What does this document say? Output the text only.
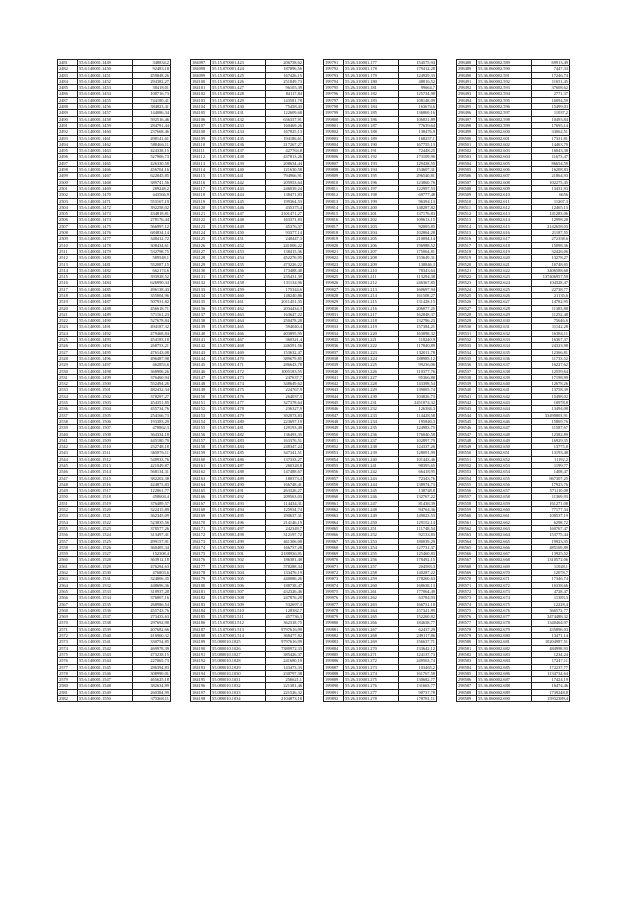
2481	55.6.140001.1449	348834,2
2482	55.6.140001.1450	92483,18
2483	55.6.140001.1451	459848,26
2484	55.6.140001.1452	294382,27
2485	55.6.140001.1453	38418,01
2486	55.6.140001.1454	108716,73
2487	55.6.140001.1455	744180,41
2488	55.6.140001.1456	384823,41
2489	55.6.140001.1457	144886,34
2490	55.6.140001.1458	592516,46
2491	55.6.140001.1459	284791,44
2492	55.6.140001.1460	237668,46
2493	55.6.140001.1461	498141,61
2494	55.6.140001.1462	588466,11
2495	55.6.140001.1463	424338,15
2496	55.6.140001.1464	527906,73
2497	55.6.140001.1465	426330,58
2498	55.6.140001.1466	456704,16
2499	55.6.140001.1467	622845,85
2500	55.6.140001.1468	389741,56
2501	55.6.140001.1469	289248,2
2502	55.6.140001.1470	443566,9
2503	55.6.140001.1471	553167,19
2504	55.6.140001.1472	392258,02
2505	55.6.140001.1473	434818,81
2506	55.6.140001.1474	278176,44
2507	55.6.140001.1475	566997,12
2508	55.6.140001.1476	684834,14
2509	55.6.140001.1477	348412,72
2510	55.6.140001.1478	308434,61
2511	55.6.140001.1479	532798,75
2512	55.6.140001.1480	589548,1
2513	55.6.140001.1481	552087,15
2514	55.6.140001.1482	662174,6
2515	55.6.140001.1483	393928,52
2516	55.6.140001.1484	626990,34
2517	55.6.140001.1485	496138,43
2518	55.6.140001.1486	355004,96
2519	55.6.140001.1487	507931,82
2520	55.6.140001.1488	456618,71
2521	55.6.140001.1489	571161,23
2522	55.6.140001.1490	527678,84
2523	55.6.140001.1491	494187,32
2524	55.6.140001.1492	479468,84
2525	55.6.140001.1493	454183,18
2526	55.6.140001.1494	268753,21
2527	55.6.140001.1495	476143,08
2528	55.6.140001.1496	496487,98
2529	55.6.140001.1497	462853,6
2530	55.6.140001.1498	368906,26
2531	55.6.140001.1499	376460,94
2532	55.6.140001.1500	552494,26
2533	55.6.140001.1501	482432,34
2534	55.6.140001.1502	378297,27
2535	55.6.140001.1503	454351,85
2536	55.6.140001.1504	455734,76
2537	55.6.140001.1505	254166,73
2538	55.6.140001.1506	193383,29
2539	55.6.140001.1507	478862,3
2540	55.6.140001.1508	364334,18
2541	55.6.140001.1509	445180,79
2542	55.6.140001.1510	252748,18
2543	55.6.140001.1511	365876,11
2544	55.6.140001.1512	548933,76
2545	55.6.140001.1513	421049,87
2546	55.6.140001.1514	568134,31
2547	55.6.140001.1515	382202,38
2548	55.6.140001.1516	424873,83
2549	55.6.140001.1517	122861,77
2550	55.6.140001.1518	458604,4
2551	55.6.140001.1519	376489,57
2552	55.6.140001.1520	322415,89
2553	55.6.140001.1521	362345,09
2554	55.6.140001.1522	523835,56
2555	55.6.140001.1523	378577,26
2556	55.6.140001.1524	313497,41
2557	55.6.140001.1525	499157,91
2558	55.6.140001.1526	360405,34
2559	55.6.140001.1527	152308,4
2560	55.6.140001.1528	363912,18
2561	55.6.140001.1529	476294,63
2562	55.6.140001.1530	476803,6
2563	55.6.140001.1531	324806,35
2564	55.6.140001.1532	448696,36
2565	55.6.140001.1533	318937,28
2566	55.6.140001.1534	376807,16
2567	55.6.140001.1535	268986,54
2568	55.6.140001.1536	455743,76
2569	55.6.140001.1537	273433,63
2570	55.6.140001.1538	297692,98
2571	55.6.140001.1539	407682,66
2572	55.6.140001.1540	416960,32
2573	55.6.140001.1541	330754,85
2574	55.6.140001.1542	469978,39
2575	55.6.140001.1543	473238,15
2576	55.6.140001.1544	227065,73
2577	55.6.140001.1545	286394,83
2578	55.6.140001.1546	308990,01
2579	55.6.140001.1547	465625,18
2580	55.6.140001.1548	382634,89
2581	55.6.140001.1549	260384,99
2582	55.6.140001.1550	375268,11
184097	55.15.070001.423	206758,62
184098	55.15.070001.424	187896,56
184099	55.15.070001.425	167426,15
184100	55.15.070001.426	251849,73
184101	55.15.070001.427	96105,39
184102	55.15.070001.428	84117,84
184103	55.15.070001.429	143581,78
184104	55.15.070001.430	75458,43
184105	55.15.070001.431	122609,68
184106	55.15.070001.432	636337,91
184107	55.15.070001.433	160469,26
184108	55.15.070001.434	167825,13
184109	55.15.070001.435	194186,61
184110	55.15.070001.436	217267,27
184111	55.15.070001.437	427763,8
184112	55.15.070001.438	437813,26
184113	55.15.070001.439	208634,44
184114	55.15.070001.440	121630,58
184115	55.15.070001.441	794966,91
184116	55.15.070001.442	205953,64
184117	55.15.070001.443	246039,24
184118	55.15.070001.444	138471,83
184119	55.15.070001.445	199364,53
184120	55.15.070001.446	435375,4
184121	55.15.070001.447	2101471,27
184122	55.15.070001.448	163371,83
184123	55.15.070001.449	45376,37
184124	55.15.070001.450	93377,14
184125	55.15.070001.451	240447,3
184126	55.15.070001.452	241006,22
184127	55.15.070001.453	138415,36
184128	55.15.070001.454	452276,95
184129	55.15.070001.455	473226,22
184130	55.15.070001.456	173488,48
184131	55.15.070001.457	235431,39
184132	55.15.070001.458	131134,96
184133	55.15.070001.459	175344,6
184134	55.15.070001.460	148240,86
184135	55.15.070001.461	2011451,35
184136	55.15.070001.462	2034434,3
184137	55.15.070001.463	163647,22
184138	55.15.070001.464	250478,28
184139	55.15.070001.465	594040,4
184140	55.15.070001.466	403895,95
184141	55.15.070001.467	360321,4
184142	55.15.070001.468	246591,56
184143	55.15.070001.469	153632,47
184144	55.15.070001.470	389679,85
184145	55.15.070001.471	286643,78
184146	55.15.070001.472	1005183,55
184147	55.15.070001.473	247637,7
184148	55.15.070001.474	348649,62
184149	55.15.070001.475	224767,9
184150	55.15.070001.476	264037,3
184151	55.15.070001.477	327378,64
184152	55.15.070001.478	236327,9
184153	55.15.070001.479	392073,83
184154	55.15.070001.480	223697,19
184155	55.15.070001.481	129193,49
184156	55.15.070001.482	136493,35
184157	55.15.070001.483	163376,51
184158	55.15.070001.484	248347,24
184159	55.15.070001.485	347341,51
184160	55.15.070001.486	137333,27
184161	55.15.070001.487	260328,8
184162	55.15.070001.488	147488,67
184163	55.15.070001.489	180373,4
184164	55.15.070001.490	166748,41
184165	55.15.070001.491	263326,27
184166	55.15.070001.492	209563,03
184167	55.15.070001.493	114434,31
184168	55.15.070001.494	125934,74
184169	55.15.070001.495	290637,31
184170	55.15.070001.496	214146,19
184171	55.15.070001.497	242349,7
184172	55.15.070001.498	312197,72
184173	55.15.070001.499	461306,08
184174	55.15.070001.500	166737,28
184175	55.15.070001.501	2188936,91
184176	55.15.070001.502	186381,48
184177	55.15.070001.503	578288,34
184178	55.15.070001.504	133476,19
184179	55.15.070001.505	440086,26
184180	55.15.070001.506	188738,47
184181	55.15.070001.507	432326,46
184182	55.15.070001.508	247876,29
184183	55.15.070001.509	532697,3
184184	55.15.070001.510	128382,7
184185	55.15.070001.511	457736,3
184186	55.15.070001.512	362318,75
184187	55.15.070001.513	9797616,99
184188	55.15.070001.514	368477,82
184189	55.080010.1025	9797616,99
184190	55.080010.1026	7380972,33
184191	55.080010.1027	385426,37
184192	55.080010.1028	241680,19
184193	55.080010.1029	143473,33
184194	55.080010.1030	230797,38
184195	55.080010.1031	256621,1
184196	55.080010.1032	221381,46
184197	55.080010.1033	221526,32
184198	55.080010.1034	2104873,18
199791	55.26.310001.177	154575,94
199792	55.26.310001.178	179412,28
199793	55.26.310001.179	124929,33
199794	55.26.310001.180	48816,52
199795	55.26.310001.181	99664,7
199796	55.26.310001.182	125734,98
199797	55.26.310001.183	108148,09
199798	55.26.310001.184	163674,6
199799	55.26.310001.185	136869,16
199800	55.26.310001.186	106831,89
199801	55.26.310001.187	77639,64
199802	55.26.310001.188	138476,9
199803	55.26.310001.189	168257,1
199804	55.26.310001.190	167755,13
199805	55.26.310001.191	72448,25
199806	55.26.310001.192	173109,96
199807	55.26.310001.193	129438,55
199808	55.26.310001.194	154607,31
199809	55.26.310001.195	296540,81
199810	55.26.310001.196	123860,76
199811	55.26.310001.197	122997,53
199812	55.26.310001.198	69777,48
199813	55.26.310001.199	96394,13
199814	55.26.310001.200	148287,82
199815	55.26.310001.201	137176,83
199816	55.26.310001.202	109613,15
199817	55.26.310001.203	92005,85
199818	55.26.310001.204	102864,28
199819	55.26.310001.205	210094,14
199820	55.26.310001.206	196988,52
199821	55.26.310001.207	175064,81
199822	55.26.310001.208	153649,31
199823	55.26.310001.209	130846,3
199824	55.26.310001.210	78343,64
199825	55.26.310001.211	113294,38
199826	55.26.310001.212	246367,85
199827	55.26.310001.213	160697,94
199828	55.26.310001.214	161508,27
199829	55.26.310001.215	131428,15
199830	55.26.310001.216	206877,25
199831	55.26.310001.217	162848,37
199832	55.26.310001.218	132796,23
199833	55.26.310001.219	157384,21
199834	55.26.310001.220	163898,32
199835	55.26.310001.221	118240,9
199836	55.26.310001.222	117840,89
199837	55.26.310001.223	132011,78
199838	55.26.310001.224	188985,12
199839	55.26.310001.225	99236,06
199840	55.26.310001.226	110377,76
199841	55.26.310001.227	95366,88
199842	55.26.310001.228	143398,54
199843	55.26.310001.229	139005,74
199844	55.26.310001.230	104826,73
199845	55.26.310001.231	2451874,32
199846	55.26.310001.232	126384,3
199847	55.26.310001.233	114428,58
199848	55.26.310001.234	195840,3
199849	55.26.310001.235	124983,75
199850	55.26.310001.236	176840,58
199851	55.26.310001.237	102897,79
199852	55.26.310001.238	124337,26
199853	55.26.310001.239	128091,99
199854	55.26.310001.240	101443,46
199855	55.26.310001.241	98395,65
199856	55.26.310001.242	66418,95
199857	55.26.310001.243	72343,76
199858	55.26.310001.244	138974,73
199859	55.26.310001.245	138748,8
199860	55.26.310001.246	132767,22
199861	55.26.310001.247	81438,39
199862	55.26.310001.248	94764,36
199863	55.26.310001.249	149823,53
199864	55.26.310001.250	129152,14
199865	55.26.310001.251	111748,54
199866	55.26.310001.252	92133,83
199867	55.26.310001.253	180039,29
199868	55.26.310001.254	127731,37
199869	55.26.310001.255	125460,83
199870	55.26.310001.256	178492,15
199871	55.26.310001.257	204583,3
199872	55.26.310001.258	140287,22
199873	55.26.310001.259	178260,63
199874	55.26.310001.260	168638,13
199875	55.26.310001.261	177064,49
199876	55.26.310001.262	63784,93
199877	55.26.310001.263	166731,18
199878	55.26.310001.264	157341,89
199879	55.26.310001.265	152260,82
199880	55.26.310001.266	184638,77
199881	55.26.310001.267	62437,29
199882	55.26.310001.268	249117,86
199883	55.26.310001.269	156637,71
199884	55.26.310001.270	133642,12
199885	55.26.310001.271	124137,73
199886	55.26.310001.272	249563,74
199887	55.26.310001.273	103465,2
199888	55.26.310001.274	161767,58
199889	55.26.310001.275	130682,77
199890	55.26.310001.276	131663,77
199891	55.26.310001.277	90737,78
199892	55.26.310001.278	178781,11
298488	55.36.060002.589	69913,49
298489	55.36.060002.590	7447,33
298490	55.36.060002.591	17246,74
298491	55.36.060002.592	11651,45
298492	55.36.060002.593	37608,62
298493	55.36.060002.594	2771,37
298494	55.36.060002.595	16094,59
298495	55.36.060002.596	15499,03
298496	55.36.060002.597	11037,2
298497	55.36.060002.598	10493,84
298498	55.36.060002.599	17695,14
298499	55.36.060002.600	33062,51
298500	55.36.060002.601	17331,81
298501	55.36.060002.602	14463,79
298502	55.36.060002.603	16843,38
298503	55.36.060002.604	11673,47
298504	55.36.060002.605	86654,59
298505	55.36.060002.606	16208,83
298506	55.36.060002.607	21864,93
298507	55.36.060002.608	102275,45
298508	55.36.060002.609	13431,93
298509	55.36.060002.610	6656
298510	55.36.060002.611	11267,3
298511	55.36.060002.612	12465,13
298512	55.36.060002.613	141283,06
298513	55.36.060002.614	12998,28
298514	55.36.060002.615	2142658,03
298515	55.36.060002.616	21187,55
298516	55.36.060002.617	272358,6
298517	55.36.060002.618	15098,36
298518	55.36.060002.619	32426,06
298519	55.36.060002.620	13278,27
298520	55.36.060002.621	16748,65
298521	55.36.060002.622	3406588,68
298522	55.36.060002.623	137406957,59
298523	55.36.060002.624	104328,47
298524	55.36.060002.625	22738,77
298525	55.36.060002.626	21135,6
298526	55.36.060002.627	14782,95
298527	55.36.060002.628	11383,88
298528	55.36.060002.629	11252,48
298529	55.36.060002.630	75646,6
298530	55.36.060002.631	11142,28
298531	55.36.060002.632	16384,11
298532	55.36.060002.633	16367,37
298533	55.36.060002.634	24323,98
298534	55.36.060002.635	12366,81
298535	55.36.060002.636	11733,52
298536	55.36.060002.637	16227,62
298537	55.36.060002.638	12559,64
298538	55.36.060002.639	17198,99
298539	55.36.060002.640	12678,26
298540	55.36.060002.641	13758,39
298541	55.36.060002.642	15498,02
298542	55.36.060002.643	10978,8
298543	55.36.060002.644	13494,08
298544	55.36.060002.645	33490803,91
298545	55.36.060002.646	15869,76
298546	55.36.060002.647	11587,67
298547	55.36.060002.648	12382,89
298548	55.36.060002.649	16929,35
298549	55.36.060002.650	13775,8
298550	55.36.060002.651	13193,48
298551	55.36.060002.652	11192,2
298552	55.36.060002.653	1199,77
298553	55.36.060002.654	1408,47
298554	55.36.060002.655	867307,25
298555	55.36.060002.656	17923,76
298556	55.36.060002.657	571110,08
298557	55.36.060002.658	11369,93
298558	55.36.060002.659	161271,08
298559	55.36.060002.660	77177,34
298560	55.36.060002.661	108537,19
298561	55.36.060002.662	6298,72
298562	55.36.060002.663	160767,47
298563	55.36.060002.664	153775,44
298564	55.36.060002.665	19923,35
298565	55.36.060002.666	485169,89
298566	55.36.060002.667	13925,52
298567	55.36.060002.668	1310572,06
298568	55.36.060002.669	11028,1
298569	55.36.060002.670	12078,7
298570	55.36.060002.671	17346,74
298571	55.36.060002.672	16338,66
298572	55.36.060002.673	4728,47
298573	55.36.060002.674	11383,3
298574	55.36.060002.675	12228,4
298575	55.36.060002.676	366572,77
298576	55.36.060002.677	3474488,32
298577	55.36.060002.678	1340464,97
298578	55.36.060002.679	435896,03
298579	55.36.060002.680	13471,14
298580	55.36.060002.681	10204987,51
298581	55.36.060002.682	484998,93
298582	55.36.060002.683	1234,24
298583	55.36.060002.684	17247,11
298584	55.36.060002.685	172237,77
298585	55.36.060002.686	1134734,64
298586	55.36.060002.687	17424,19
298587	55.36.060002.688	16474,46
298588	55.36.060002.689	1739248,8
298589	55.36.060002.690	15932389,4
